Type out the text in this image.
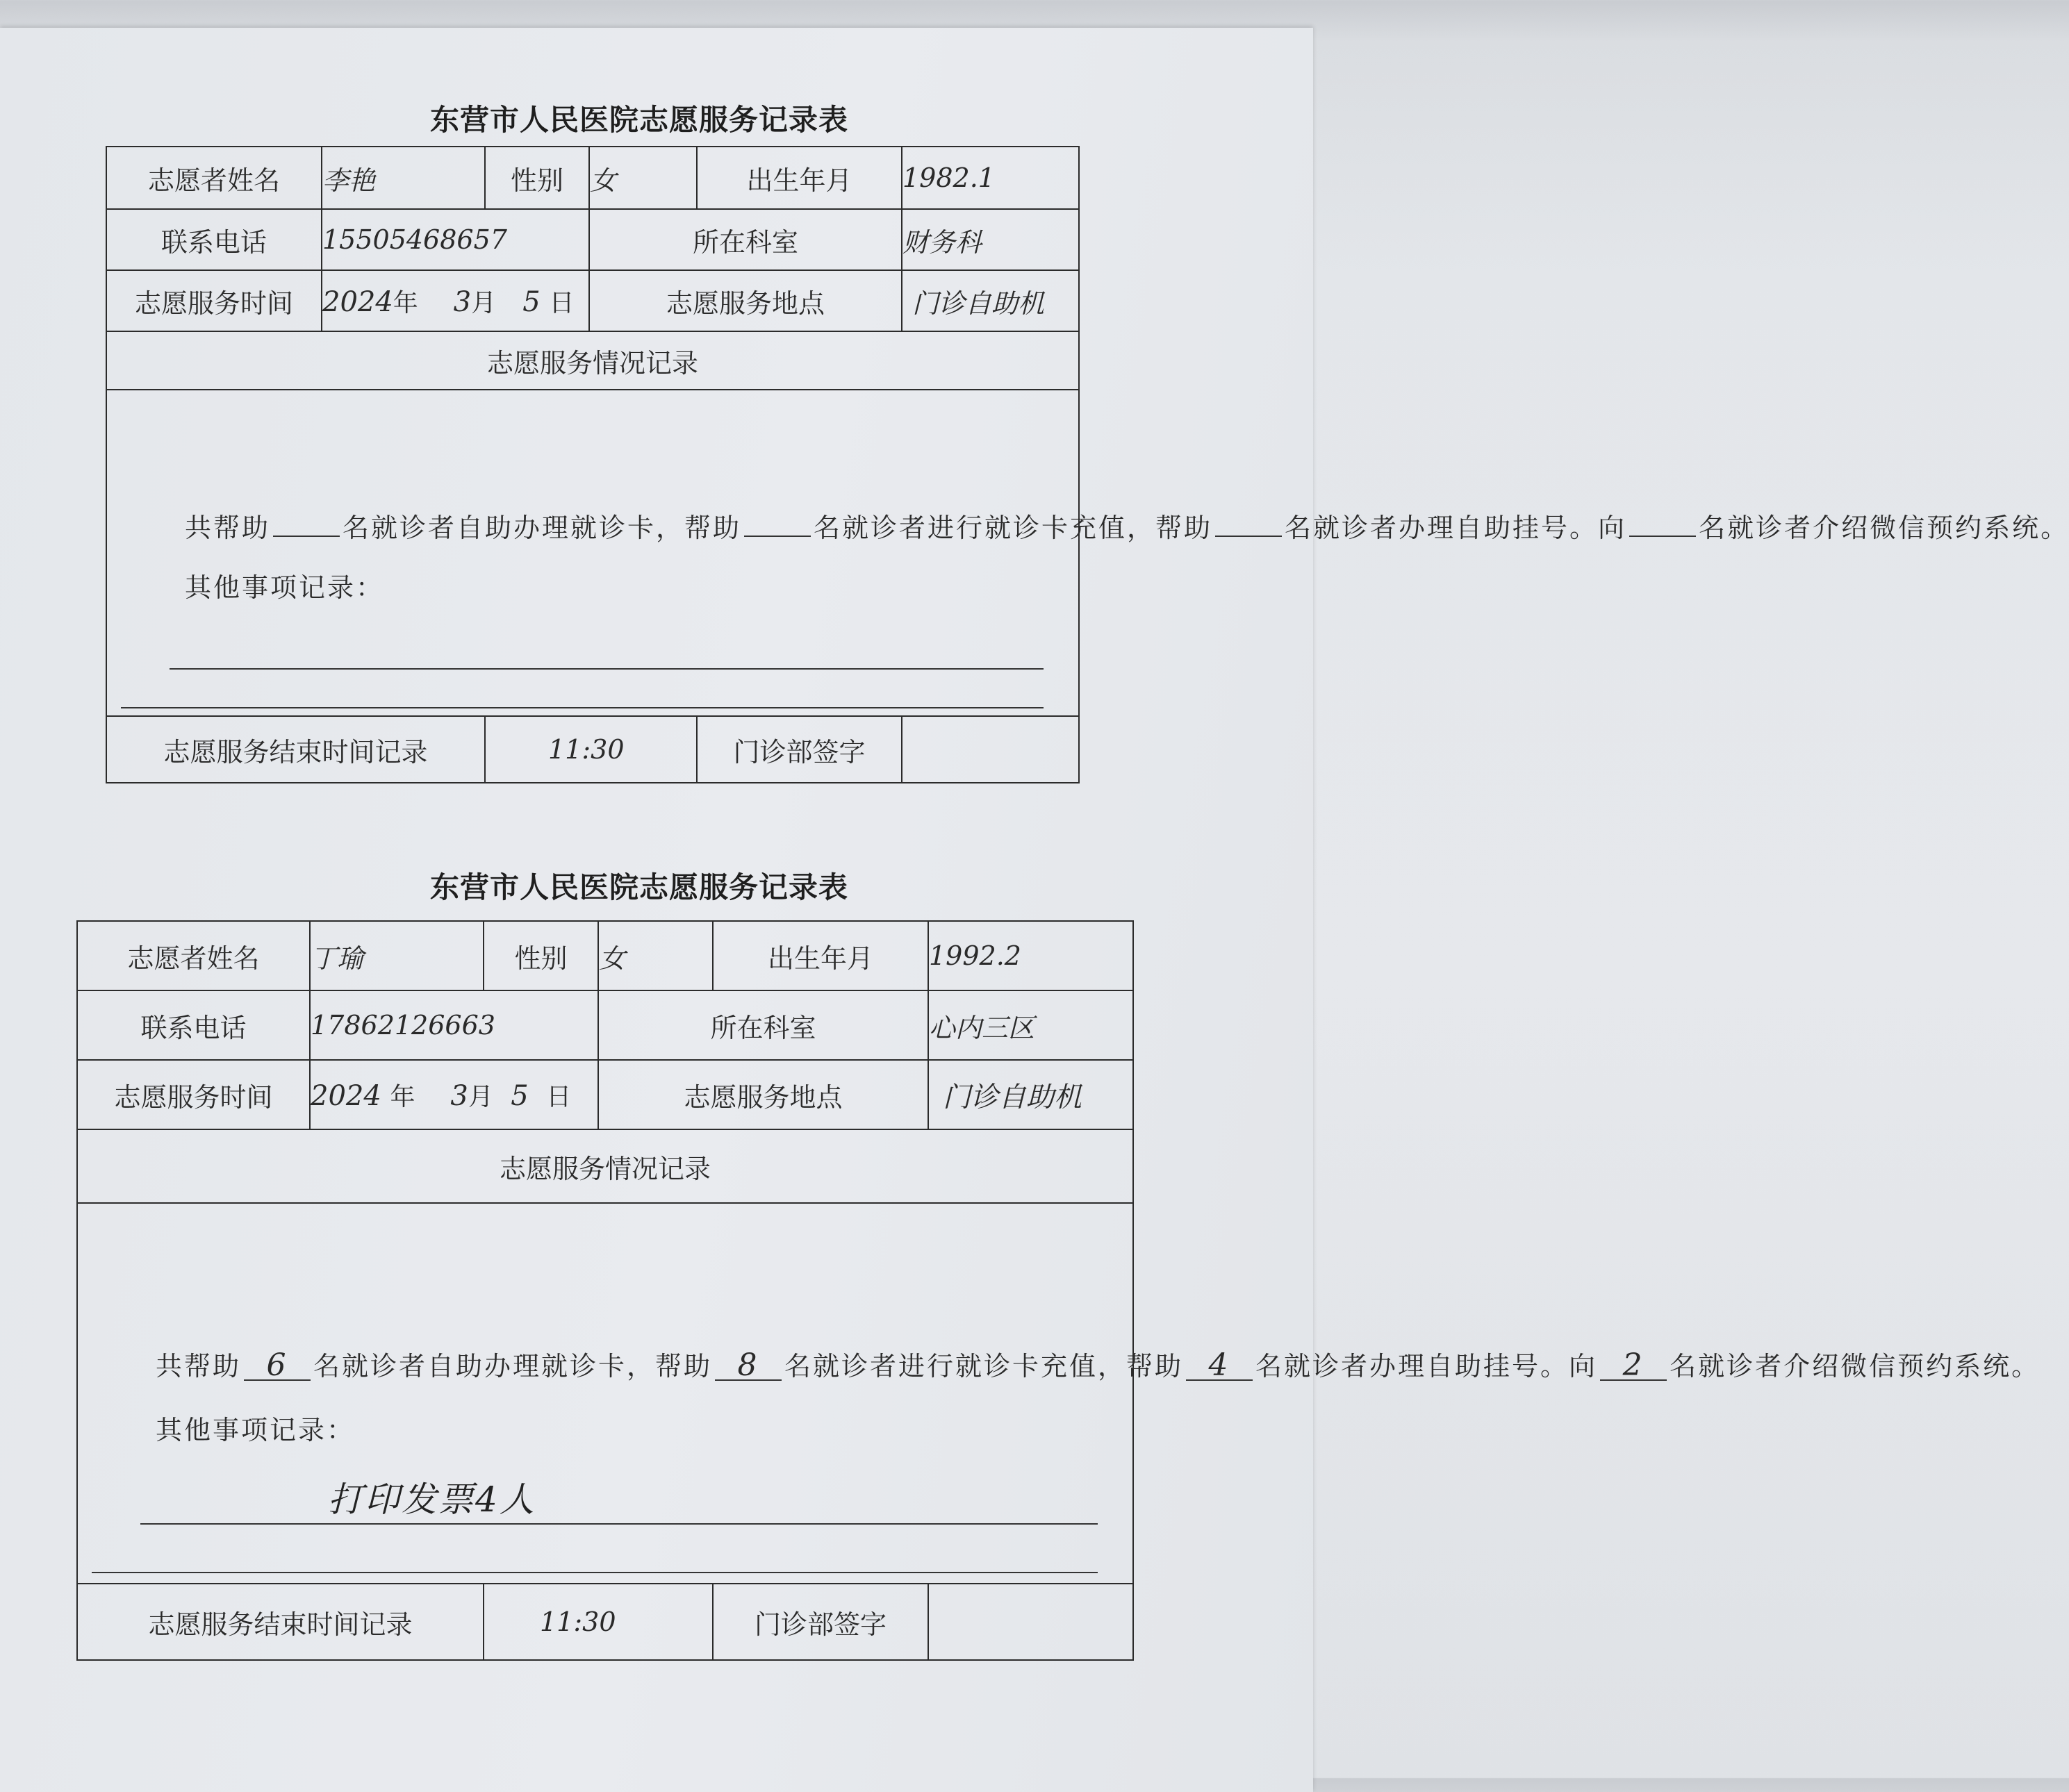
东营市人民医院志愿服务记录表
志愿者姓名	李艳	性别	女	出生年月	1982.1
联系电话	15505468657		所在科室		财务科
志愿服务时间	2024年 3月 5 日		志愿服务地点		门诊自助机
志愿服务情况记录					

共帮助 名就诊者自助办理就诊卡，帮助 名就诊者进行就诊卡充值，帮助 名就诊者办理自助挂号。向 名就诊者介绍微信预约系统。
其他事项记录：					

志愿服务结束时间记录		11:30		门诊部签字	
东营市人民医院志愿服务记录表
志愿者姓名	丁瑜	性别	女	出生年月	1992.2
联系电话	17862126663		所在科室		心内三区
志愿服务时间	2024 年 3月 5 日		志愿服务地点		门诊自助机
志愿服务情况记录					

共帮助 6 名就诊者自助办理就诊卡，帮助 8 名就诊者进行就诊卡充值，帮助 4 名就诊者办理自助挂号。向 2 名就诊者介绍微信预约系统。
其他事项记录：
打印发票4人					

志愿服务结束时间记录		11:30		门诊部签字	
